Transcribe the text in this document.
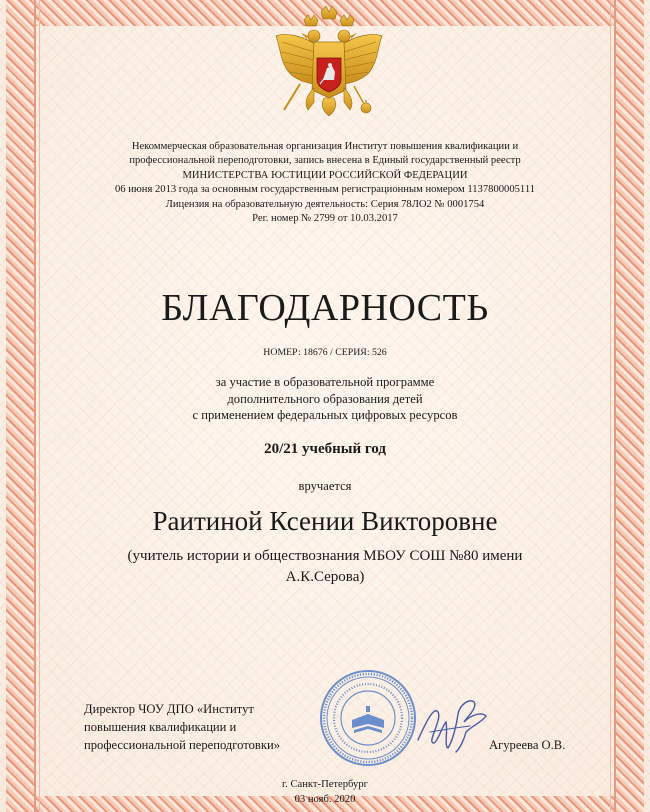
Некоммерческая образовательная организация Институт повышения квалификации и
профессиональной переподготовки, запись внесена в Единый государственный реестр
МИНИСТЕРСТВА ЮСТИЦИИ РОССИЙСКОЙ ФЕДЕРАЦИИ
06 июня 2013 года за основным государственным регистрационным номером 1137800005111
Лицензия на образовательную деятельность: Серия 78ЛО2 № 0001754
Рег. номер № 2799 от 10.03.2017
БЛАГОДАРНОСТЬ
НОМЕР: 18676 / СЕРИЯ: 526
за участие в образовательной программе
дополнительного образования детей
с применением федеральных цифровых ресурсов
20/21 учебный год
вручается
Раитиной Ксении Викторовне
(учитель истории и обществознания МБОУ СОШ №80 имени
А.К.Серова)
Директор ЧОУ ДПО «Институт
повышения квалификации и
профессиональной переподготовки»	Агуреева О.В.
г. Санкт-Петербург
03 нояб. 2020
